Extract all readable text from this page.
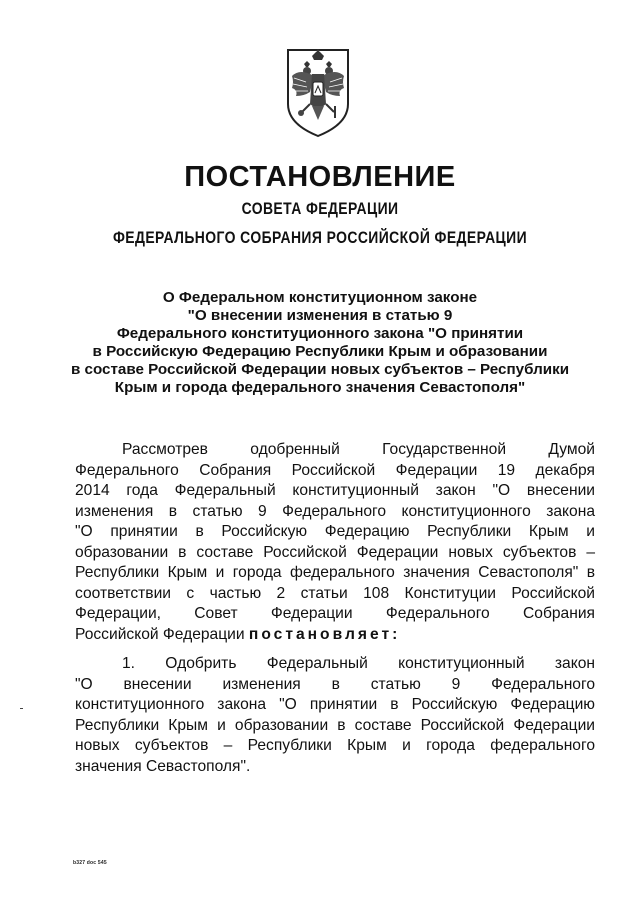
ПОСТАНОВЛЕНИЕ
СОВЕТА ФЕДЕРАЦИИ
ФЕДЕРАЛЬНОГО СОБРАНИЯ РОССИЙСКОЙ ФЕДЕРАЦИИ
О Федеральном конституционном законе
"О внесении изменения в статью 9
Федерального конституционного закона "О принятии
в Российскую Федерацию Республики Крым и образовании
в составе Российской Федерации новых субъектов – Республики
Крым и города федерального значения Севастополя"
Рассмотрев одобренный Государственной Думой
Федерального Собрания Российской Федерации 19 декабря
2014 года Федеральный конституционный закон "О внесении
изменения в статью 9 Федерального конституционного закона
"О принятии в Российскую Федерацию Республики Крым и
образовании в составе Российской Федерации новых субъектов –
Республики Крым и города федерального значения Севастополя" в
соответствии с частью 2 статьи 108 Конституции Российской
Федерации, Совет Федерации Федерального Собрания
Российской Федерации постановляет:
1. Одобрить Федеральный конституционный закон
"О внесении изменения в статью 9 Федерального
конституционного закона "О принятии в Российскую Федерацию
Республики Крым и образовании в составе Российской Федерации
новых субъектов – Республики Крым и города федерального
значения Севастополя".
b327 doc 545
